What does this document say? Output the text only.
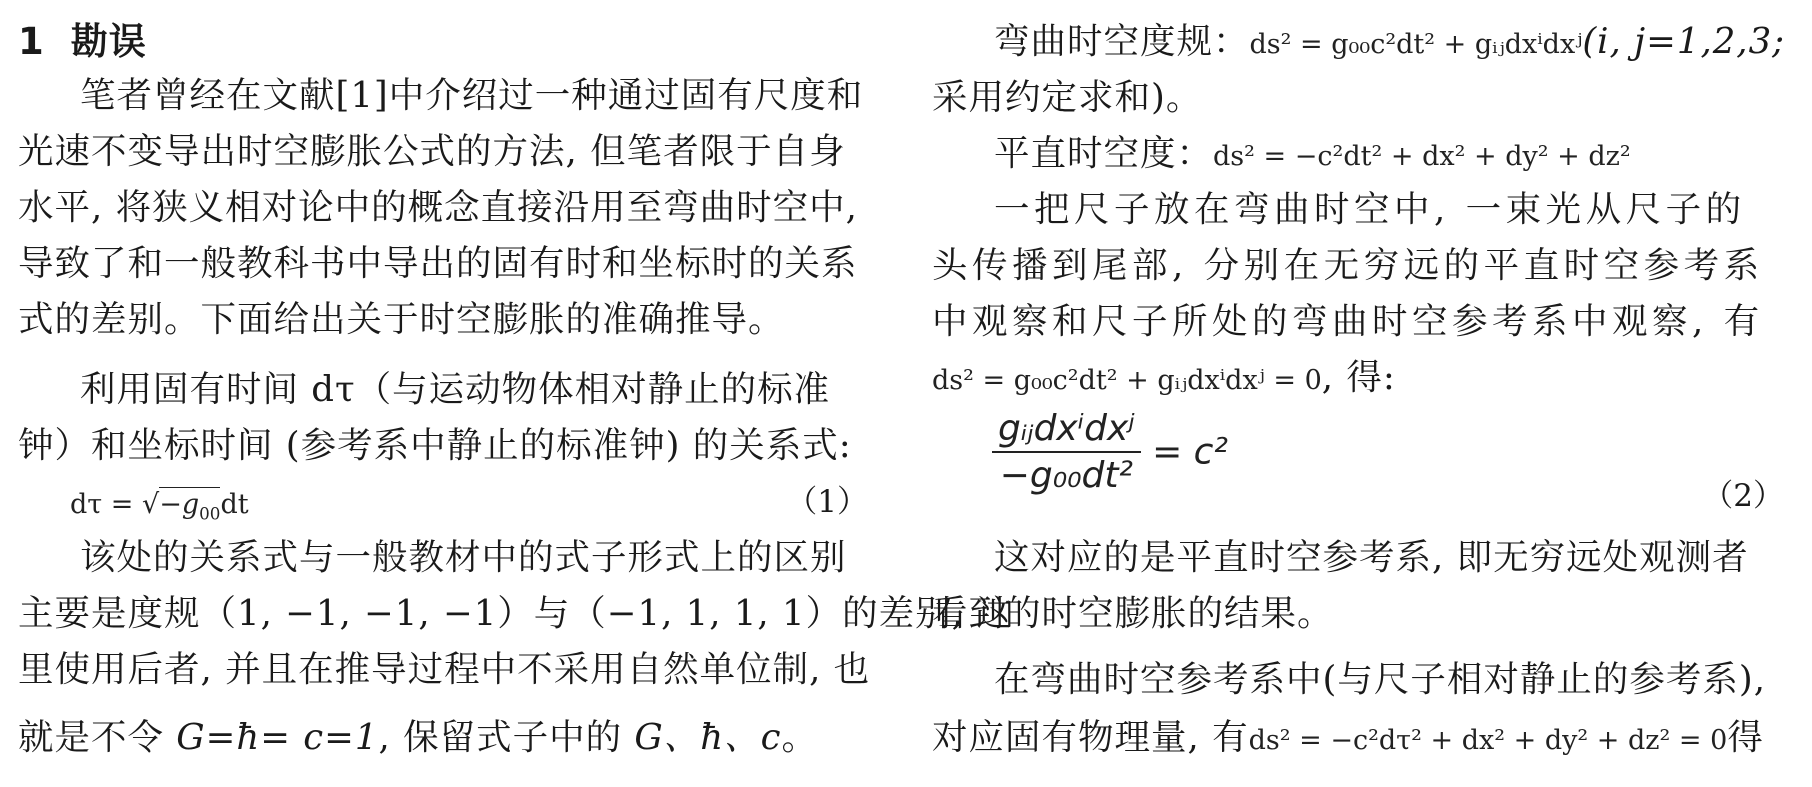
1 勘误
笔者曾经在文献[1]中介绍过一种通过固有尺度和
光速不变导出时空膨胀公式的方法, 但笔者限于自身
水平, 将狭义相对论中的概念直接沿用至弯曲时空中,
导致了和一般教科书中导出的固有时和坐标时的关系
式的差别。下面给出关于时空膨胀的准确推导。
利用固有时间 dτ（与运动物体相对静止的标准
钟）和坐标时间 (参考系中静止的标准钟) 的关系式:
$d\tau = √-g_{00}dt$	（1）
该处的关系式与一般教材中的式子形式上的区别
主要是度规（1, −1, −1, −1）与（−1, 1, 1, 1）的差别, 这
里使用后者, 并且在推导过程中不采用自然单位制, 也
就是不令 G=ħ= c=1, 保留式子中的 G、ħ、c。
弯曲时空度规：ds² = g₀₀c²dt² + gᵢⱼdxⁱdxʲ(i, j=1,2,3;
采用约定求和)。
平直时空度：ds² = −c²dt² + dx² + dy² + dz²
一把尺子放在弯曲时空中, 一束光从尺子的
头传播到尾部, 分别在无穷远的平直时空参考系
中观察和尺子所处的弯曲时空参考系中观察, 有
ds² = g₀₀c²dt² + gᵢⱼdxⁱdxʲ = 0, 得:
$\frac{\text{gᵢⱼdxⁱdxʲ}}{\text{−g₀₀dt²}} = c^2$
（2）
这对应的是平直时空参考系, 即无穷远处观测者
看到的时空膨胀的结果。
在弯曲时空参考系中(与尺子相对静止的参考系),
对应固有物理量, 有ds² = −c²dτ² + dx² + dy² + dz² = 0得
